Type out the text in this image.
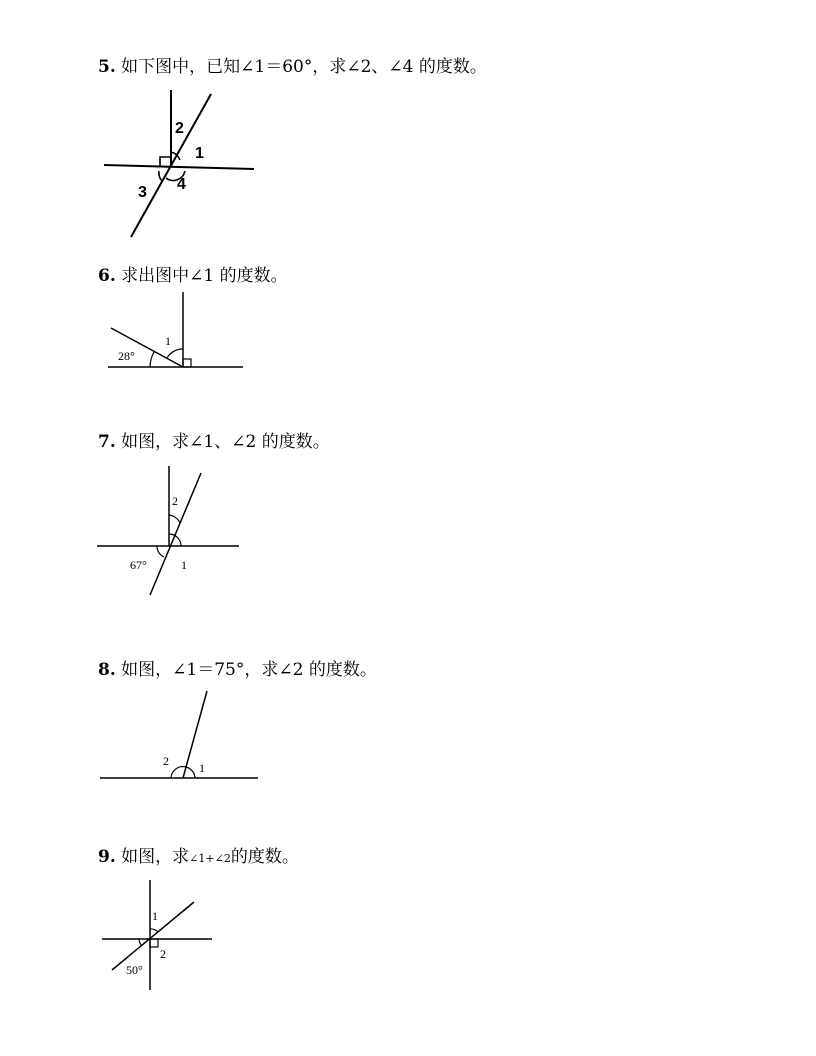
5. 如下图中，已知∠1＝60°，求∠2、∠4 的度数。
2
1
3 4
6. 求出图中∠1 的度数。
1
28°
7. 如图，求∠1、∠2 的度数。
2
67°	1
8. 如图，∠1＝75°，求∠2 的度数。
2	1
9. 如图，求∠1+∠2的度数。
1
2
50°
